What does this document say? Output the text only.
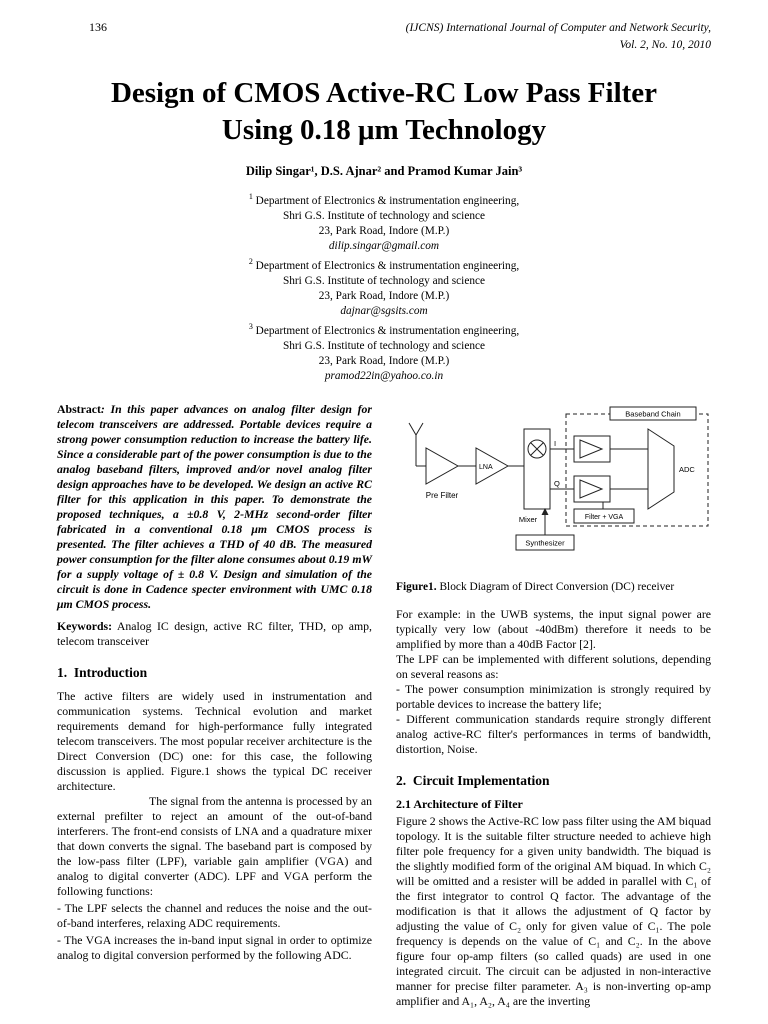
136	(IJCNS) International Journal of Computer and Network Security,
Vol. 2, No. 10, 2010
Design of CMOS Active-RC Low Pass Filter
Using 0.18 μm Technology
Dilip Singar¹, D.S. Ajnar² and Pramod Kumar Jain³
$^1$ Department of Electronics & instrumentation engineering,
Shri G.S. Institute of technology and science
23, Park Road, Indore (M.P.)
dilip.singar@gmail.com
$^2$ Department of Electronics & instrumentation engineering,
Shri G.S. Institute of technology and science
23, Park Road, Indore (M.P.)
dajnar@sgsits.com
$^3$ Department of Electronics & instrumentation engineering,
Shri G.S. Institute of technology and science
23, Park Road, Indore (M.P.)
pramod22in@yahoo.co.in

Abstract: In this paper advances on analog filter design for telecom transceivers are addressed. Portable devices require a strong power consumption reduction to increase the battery life. Since a considerable part of the power consumption is due to the analog baseband filters, improved and/or novel analog filter design approaches have to be developed. We design an active RC filter for this application in this paper. To demonstrate the proposed techniques, a ±0.8 V, 2-MHz second-order filter fabricated in a conventional 0.18 μm CMOS process is presented. The filter achieves a THD of 40 dB. The measured power consumption for the filter alone consumes about 0.19 mW for a supply voltage of ± 0.8 V. Design and simulation of the circuit is done in Cadence specter environment with UMC 0.18 μm CMOS process.

Keywords: Analog IC design, active RC filter, THD, op amp, telecom transceiver

1.  Introduction

The active filters are widely used in instrumentation and communication systems. Technical evolution and market requirements demand for high-performance fully integrated telecom transceivers. The most popular receiver architecture is the Direct Conversion (DC) one: for this case, the following discussion is applied. Figure.1 shows the typical DC receiver architecture.

The signal from the antenna is processed by an external prefilter to reject an amount of the out-of-band interferers. The front-end consists of LNA and a quadrature mixer that down converts the signal. The baseband part is composed by the low-pass filter (LPF), variable gain amplifier (VGA) and analog to digital converter (ADC). LPF and VGA perform the following functions:

- The LPF selects the channel and reduces the noise and the out-of-band interferes, relaxing ADC requirements.

- The VGA increases the in-band input signal in order to optimize analog to digital conversion performed by the following ADC.

Pre Filter
LNA
I
Q
Mixer
Synthesizer
Baseband Chain
Filter + VGA
ADC

Figure1. Block Diagram of Direct Conversion (DC) receiver

For example: in the UWB systems, the input signal power are typically very low (about -40dBm) therefore it needs to be amplified by more than a 40dB Factor [2].

The LPF can be implemented with different solutions, depending on several reasons as:

- The power consumption minimization is strongly required by portable devices to increase the battery life;

- Different communication standards require strongly different analog active-RC filter's performances in terms of bandwidth, distortion, Noise.

2.  Circuit Implementation
2.1 Architecture of Filter

Figure 2 shows the Active-RC low pass filter using the AM biquad topology. It is the suitable filter structure needed to achieve high filter pole frequency for a given unity bandwidth. The biquad is the slightly modified form of the original AM biquad. In which C₂ will be omitted and a resister will be added in parallel with C₁ of the first integrator to control Q factor. The advantage of the modification is that it allows the adjustment of Q factor by adjusting the value of C₂ only for given value of C₁. The pole frequency is depends on the value of C₁ and C₂. In the above figure four op-amp filters (so called quads) are used in one integrated circuit. The circuit can be adjusted in non-interactive manner for precise filter parameter. A₃ is non-inverting op-amp amplifier and A₁, A₂, A₄ are the inverting
